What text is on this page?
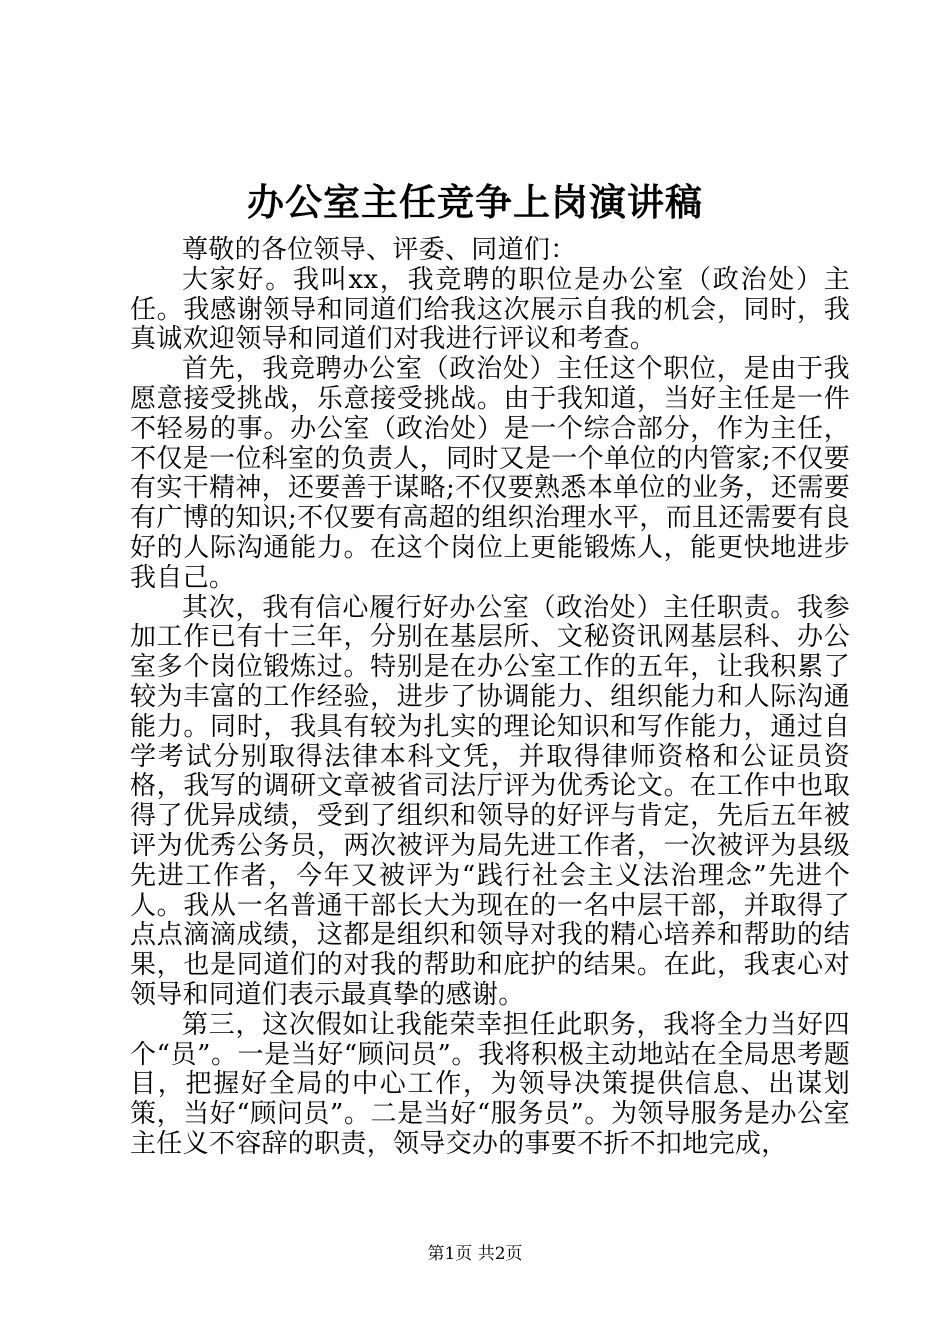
办公室主任竞争上岗演讲稿

尊敬的各位领导、评委、同道们：

大家好。我叫xx，我竞聘的职位是办公室（政治处）主任。我感谢领导和同道们给我这次展示自我的机会，同时，我真诚欢迎领导和同道们对我进行评议和考查。

首先，我竞聘办公室（政治处）主任这个职位，是由于我愿意接受挑战，乐意接受挑战。由于我知道，当好主任是一件不轻易的事。办公室（政治处）是一个综合部分，作为主任，不仅是一位科室的负责人，同时又是一个单位的内管家;不仅要有实干精神，还要善于谋略;不仅要熟悉本单位的业务，还需要有广博的知识;不仅要有高超的组织治理水平，而且还需要有良好的人际沟通能力。在这个岗位上更能锻炼人，能更快地进步我自己。

其次，我有信心履行好办公室（政治处）主任职责。我参加工作已有十三年，分别在基层所、文秘资讯网基层科、办公室多个岗位锻炼过。特别是在办公室工作的五年，让我积累了较为丰富的工作经验，进步了协调能力、组织能力和人际沟通能力。同时，我具有较为扎实的理论知识和写作能力，通过自学考试分别取得法律本科文凭，并取得律师资格和公证员资格，我写的调研文章被省司法厅评为优秀论文。在工作中也取得了优异成绩，受到了组织和领导的好评与肯定，先后五年被评为优秀公务员，两次被评为局先进工作者，一次被评为县级先进工作者，今年又被评为“践行社会主义法治理念”先进个人。我从一名普通干部长大为现在的一名中层干部，并取得了点点滴滴成绩，这都是组织和领导对我的精心培养和帮助的结果，也是同道们的对我的帮助和庇护的结果。在此，我衷心对领导和同道们表示最真挚的感谢。

第三，这次假如让我能荣幸担任此职务，我将全力当好四个“员”。一是当好“顾问员”。我将积极主动地站在全局思考题目，把握好全局的中心工作，为领导决策提供信息、出谋划策，当好“顾问员”。二是当好“服务员”。为领导服务是办公室主任义不容辞的职责，领导交办的事要不折不扣地完成，

第1页 共2页
